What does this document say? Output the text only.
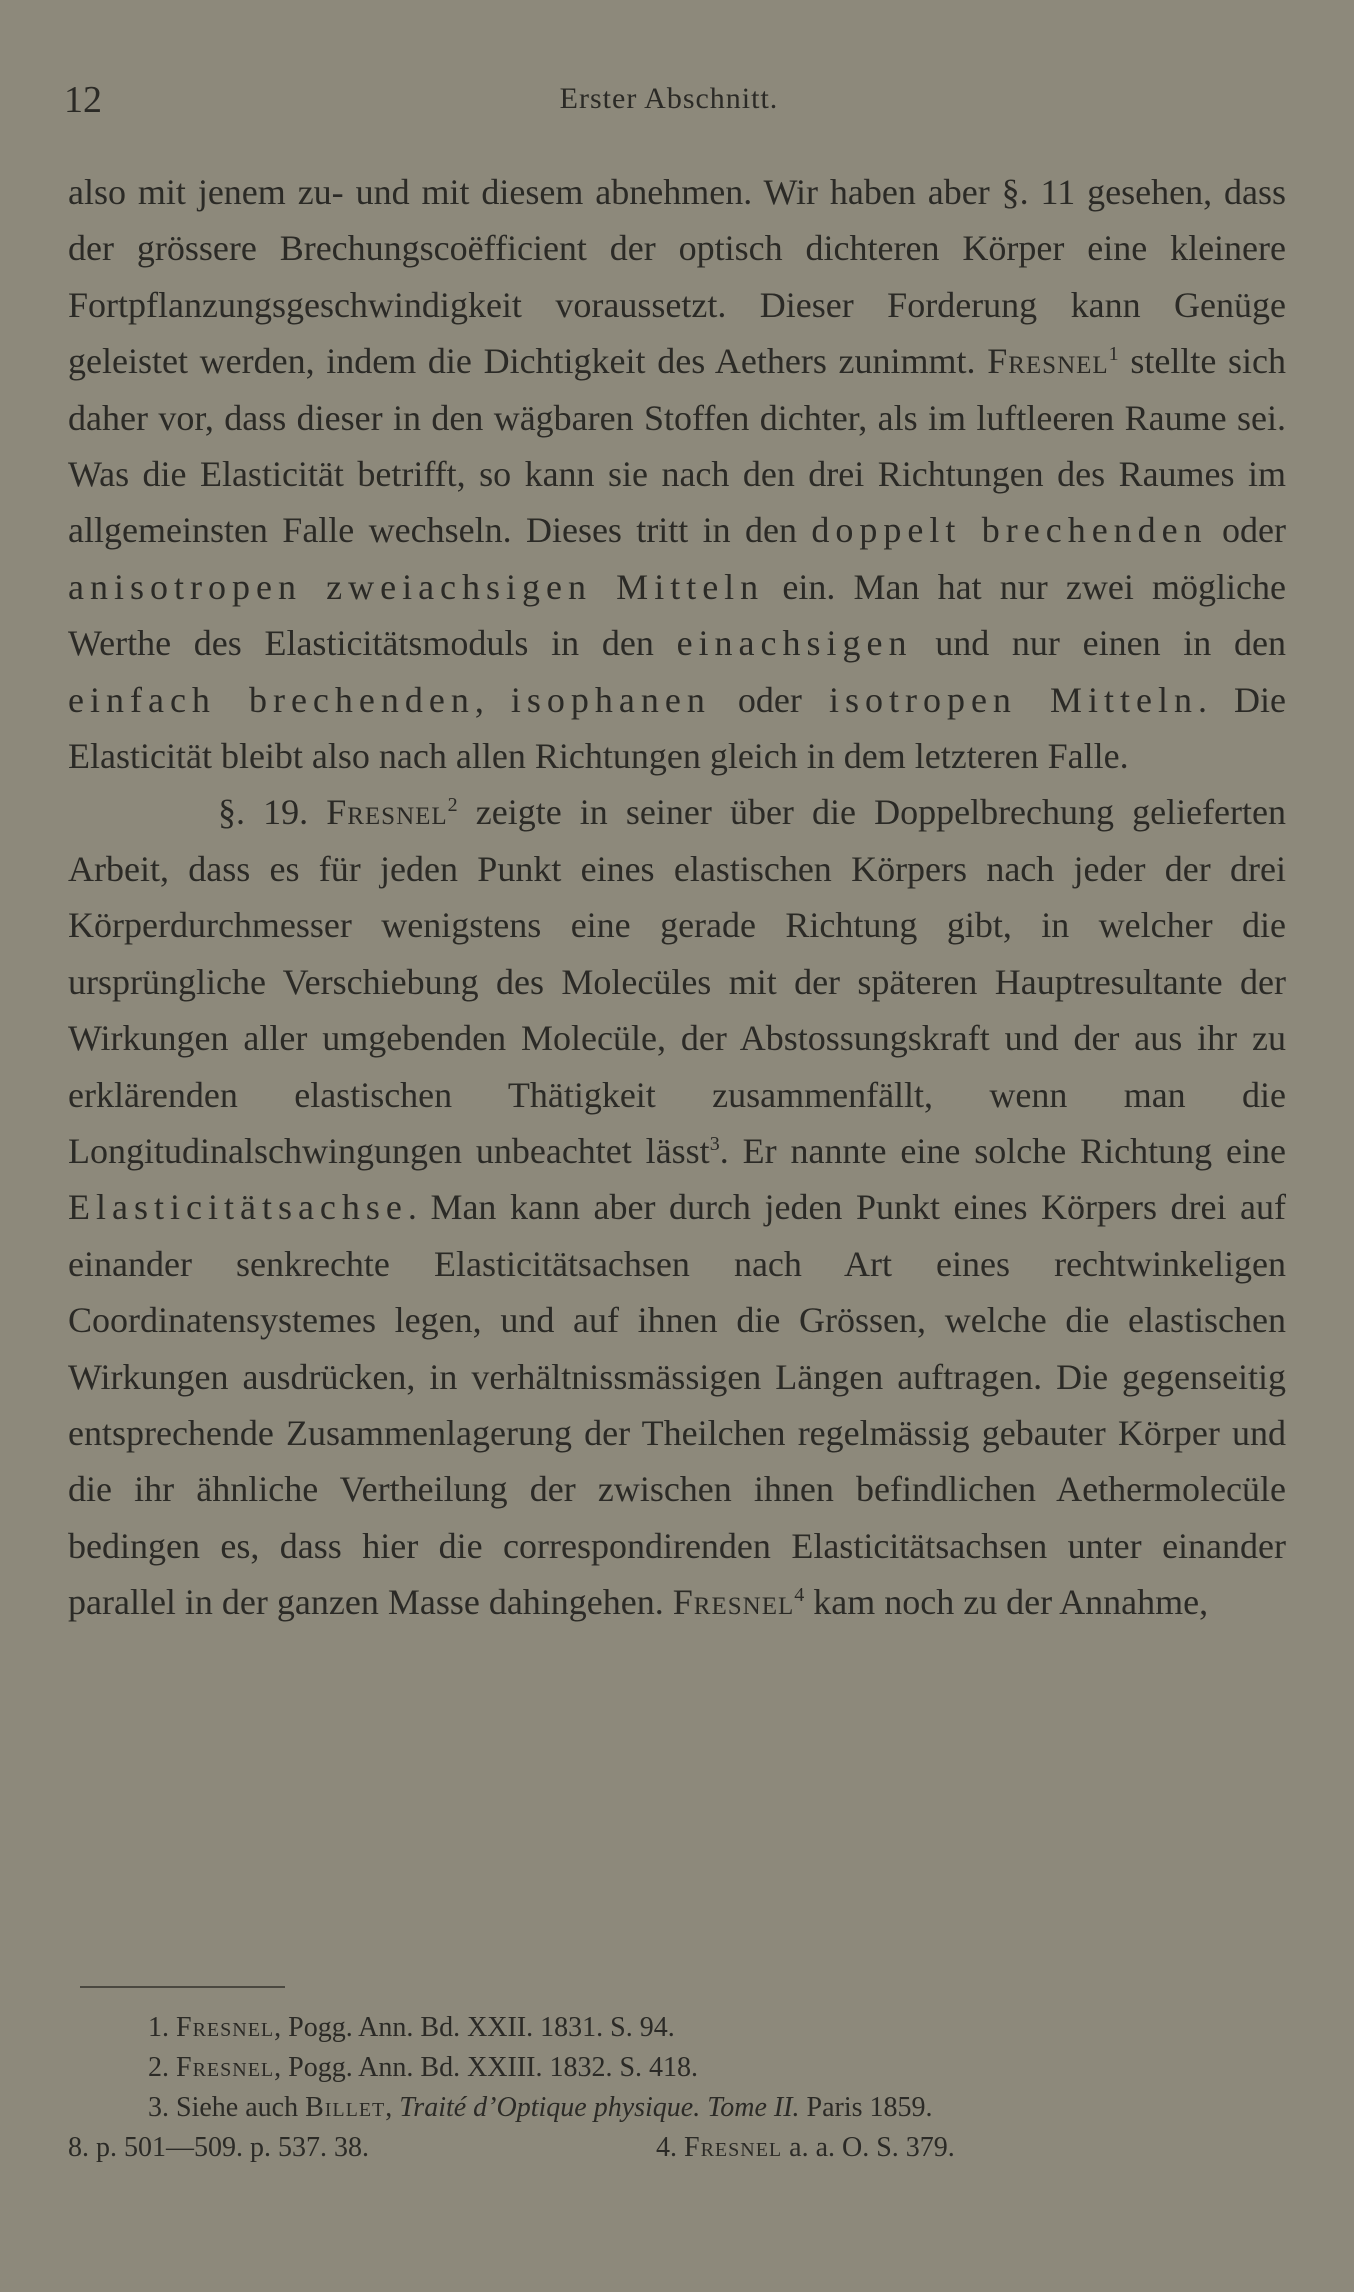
12	Erster Abschnitt.

also mit jenem zu- und mit diesem abnehmen. Wir haben aber §. 11 gesehen, dass der grössere Brechungscoëfficient der optisch dichteren Körper eine kleinere Fortpflanzungsgeschwindigkeit voraussetzt. Dieser Forderung kann Genüge geleistet werden, indem die Dichtigkeit des Aethers zunimmt. Fresnel$^1$ stellte sich daher vor, dass dieser in den wägbaren Stoffen dichter, als im luftleeren Raume sei. Was die Elasticität betrifft, so kann sie nach den drei Richtungen des Raumes im allgemeinsten Falle wechseln. Dieses tritt in den doppelt brechenden oder anisotropen zweiachsigen Mitteln ein. Man hat nur zwei mögliche Werthe des Elasticitätsmoduls in den einachsigen und nur einen in den einfach brechenden, isophanen oder isotropen Mitteln. Die Elasticität bleibt also nach allen Richtungen gleich in dem letzteren Falle.

§. 19. Fresnel$^2$ zeigte in seiner über die Doppelbrechung gelieferten Arbeit, dass es für jeden Punkt eines elastischen Körpers nach jeder der drei Körperdurchmesser wenigstens eine gerade Richtung gibt, in welcher die ursprüngliche Verschiebung des Molecüles mit der späteren Hauptresultante der Wirkungen aller umgebenden Molecüle, der Abstossungskraft und der aus ihr zu erklärenden elastischen Thätigkeit zusammenfällt, wenn man die Longitudinalschwingungen unbeachtet lässt$^3$. Er nannte eine solche Richtung eine Elasticitätsachse. Man kann aber durch jeden Punkt eines Körpers drei auf einander senkrechte Elasticitätsachsen nach Art eines rechtwinkeligen Coordinatensystemes legen, und auf ihnen die Grössen, welche die elastischen Wirkungen ausdrücken, in verhältnissmässigen Längen auftragen. Die gegenseitig entsprechende Zusammenlagerung der Theilchen regelmässig gebauter Körper und die ihr ähnliche Vertheilung der zwischen ihnen befindlichen Aethermolecüle bedingen es, dass hier die correspondirenden Elasticitätsachsen unter einander parallel in der ganzen Masse dahingehen. Fresnel$^4$ kam noch zu der Annahme,

1. Fresnel, Pogg. Ann. Bd. XXII. 1831. S. 94.

2. Fresnel, Pogg. Ann. Bd. XXIII. 1832. S. 418.

3. Siehe auch Billet, Traité d’Optique physique. Tome II. Paris 1859.

8. p. 501—509. p. 537. 38.	4. Fresnel a. a. O. S. 379.
